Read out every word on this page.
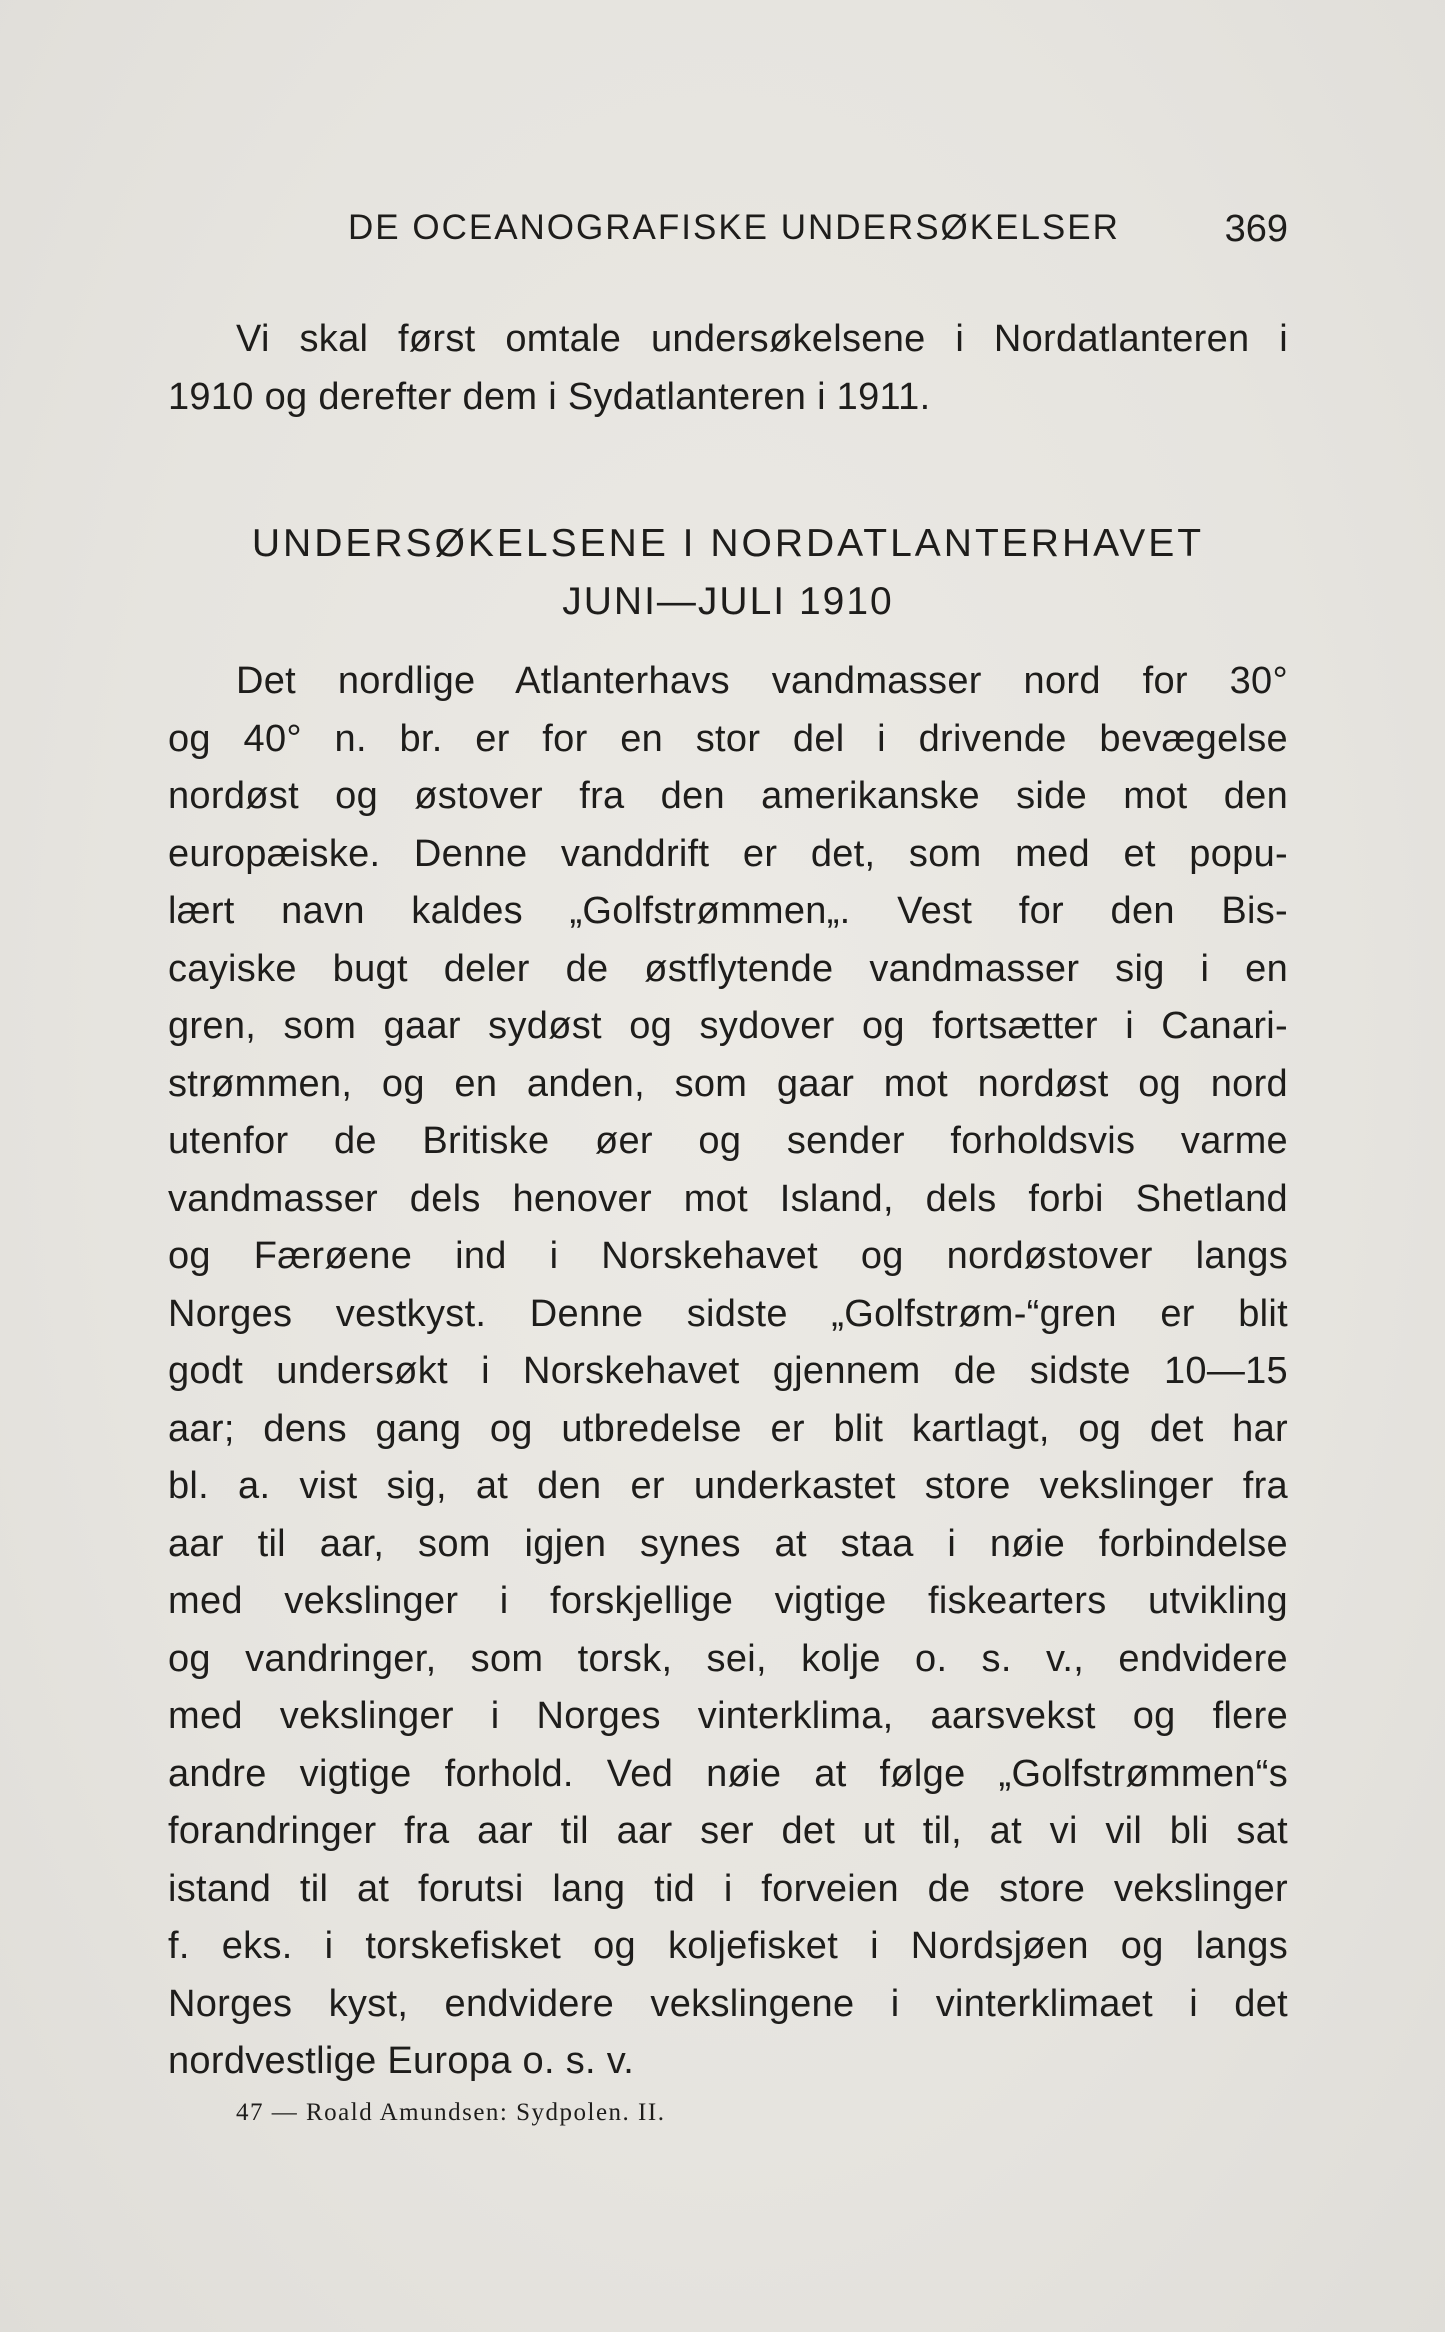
DE OCEANOGRAFISKE UNDERSØKELSER	369
Vi skal først omtale undersøkelsene i Nordatlanteren i
1910 og derefter dem i Sydatlanteren i 1911.
UNDERSØKELSENE I NORDATLANTERHAVET
JUNI—JULI 1910
Det nordlige Atlanterhavs vandmasser nord for 30°
og 40° n. br. er for en stor del i drivende bevægelse
nordøst og østover fra den amerikanske side mot den
europæiske. Denne vanddrift er det, som med et popu-
lært navn kaldes „Golfstrømmen„. Vest for den Bis-
cayiske bugt deler de østflytende vandmasser sig i en
gren, som gaar sydøst og sydover og fortsætter i Canari-
strømmen, og en anden, som gaar mot nordøst og nord
utenfor de Britiske øer og sender forholdsvis varme
vandmasser dels henover mot Island, dels forbi Shetland
og Færøene ind i Norskehavet og nordøstover langs
Norges vestkyst. Denne sidste „Golfstrøm-“gren er blit
godt undersøkt i Norskehavet gjennem de sidste 10—15
aar; dens gang og utbredelse er blit kartlagt, og det har
bl. a. vist sig, at den er underkastet store vekslinger fra
aar til aar, som igjen synes at staa i nøie forbindelse
med vekslinger i forskjellige vigtige fiskearters utvikling
og vandringer, som torsk, sei, kolje o. s. v., endvidere
med vekslinger i Norges vinterklima, aarsvekst og flere
andre vigtige forhold. Ved nøie at følge „Golfstrømmen“s
forandringer fra aar til aar ser det ut til, at vi vil bli sat
istand til at forutsi lang tid i forveien de store vekslinger
f. eks. i torskefisket og koljefisket i Nordsjøen og langs
Norges kyst, endvidere vekslingene i vinterklimaet i det
nordvestlige Europa o. s. v.
47 — Roald Amundsen: Sydpolen. II.
